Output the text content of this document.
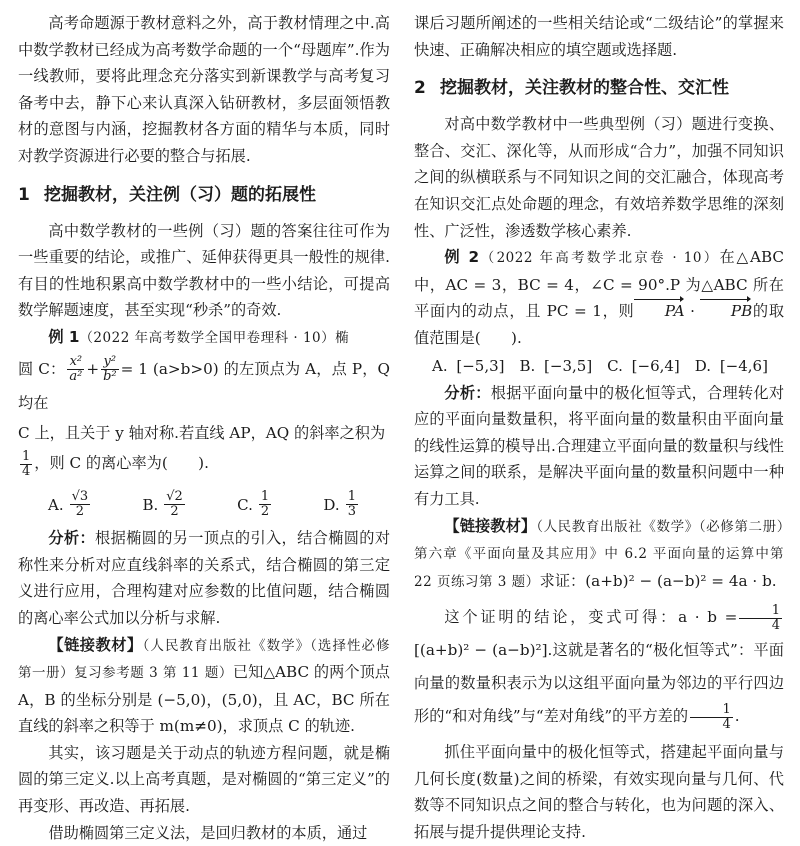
高考命题源于教材意料之外，高于教材情理之中.高中数学教材已经成为高考数学命题的一个“母题库”.作为一线教师，要将此理念充分落实到新课教学与高考复习备考中去，静下心来认真深入钻研教材，多层面领悟教材的意图与内涵，挖掘教材各方面的精华与本质，同时对教学资源进行必要的整合与拓展.

1 挖掘教材，关注例（习）题的拓展性

高中数学教材的一些例（习）题的答案往往可作为一些重要的结论，或推广、延伸获得更具一般性的规律.有目的性地积累高中数学教材中的一些小结论，可提高数学解题速度，甚至实现“秒杀”的奇效.

例 1（2022 年高考数学全国甲卷理科 · 10）椭

圆 C： $\frac{\text{x²}}{\text{a²}} + \frac{\text{y²}}{\text{b²}} = 1$ (a>b>0) 的左顶点为 A，点 P，Q 均在

C 上，且关于 y 轴对称.若直线 AP，AQ 的斜率之积为

$\frac{1}{4}$ ，则 C 的离心率为(　　).

A. $\frac{√3}{2}$	B. $\frac{√2}{2}$	C. $\frac{1}{2}$	D. $\frac{1}{3}$

分析：根据椭圆的另一顶点的引入，结合椭圆的对称性来分析对应直线斜率的关系式，结合椭圆的第三定义进行应用，合理构建对应参数的比值问题，结合椭圆的离心率公式加以分析与求解.

【链接教材】（人民教育出版社《数学》（选择性必修第一册）复习参考题 3 第 11 题）已知△ABC 的两个顶点 A，B 的坐标分别是 (−5,0)，(5,0)，且 AC，BC 所在直线的斜率之积等于 m(m≠0)，求顶点 C 的轨迹.

其实，该习题是关于动点的轨迹方程问题，就是椭圆的第三定义.以上高考真题，是对椭圆的“第三定义”的再变形、再改造、再拓展.

借助椭圆第三定义法，是回归教材的本质，通过

课后习题所阐述的一些相关结论或“二级结论”的掌握来快速、正确解决相应的填空题或选择题.

2 挖掘教材，关注教材的整合性、交汇性

对高中数学教材中一些典型例（习）题进行变换、整合、交汇、深化等，从而形成“合力”，加强不同知识之间的纵横联系与不同知识之间的交汇融合，体现高考在知识交汇点处命题的理念，有效培养数学思维的深刻性、广泛性，渗透数学核心素养.

例 2（2022 年高考数学北京卷 · 10）在△ABC 中，AC = 3，BC = 4，∠C = 90°.P 为△ABC 所在平面内的动点，且 PC = 1，则 PA · PB的取值范围是(　　).

A. [−5,3]　B. [−3,5]　C. [−6,4]　D. [−4,6]

分析：根据平面向量中的极化恒等式，合理转化对应的平面向量数量积，将平面向量的数量积由平面向量的线性运算的模导出.合理建立平面向量的数量积与线性运算之间的联系，是解决平面向量的数量积问题中一种有力工具.

【链接教材】（人民教育出版社《数学》（必修第二册）第六章《平面向量及其应用》中 6.2 平面向量的运算中第 22 页练习第 3 题）求证：(a+b)² − (a−b)² = 4a · b.

这个证明的结论，变式可得：$a \cdot b = \frac{1}{4}$
[(a+b)² − (a−b)²].这就是著名的“极化恒等式”：平面向量的数量积表示为以这组平面向量为邻边的平行四边形的“和对角线”与“差对角线”的平方差的 $\frac{1}{4}$ .

抓住平面向量中的极化恒等式，搭建起平面向量与几何长度(数量)之间的桥梁，有效实现向量与几何、代数等不同知识点之间的整合与转化，也为问题的深入、拓展与提升提供理论支持.
